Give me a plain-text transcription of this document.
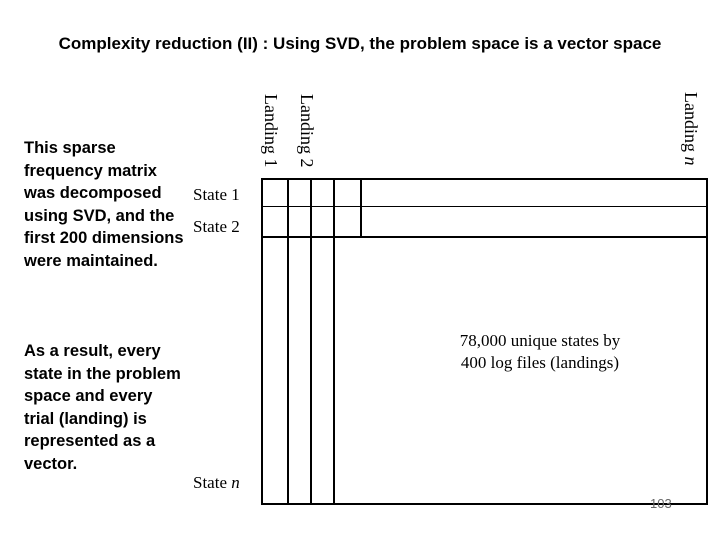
Complexity reduction (II) : Using SVD, the problem space is a vector space
This sparse frequency matrix was decomposed using SVD, and the first 200 dimensions were maintained.
As a result, every state in the problem space and every trial (landing) is represented as a vector.
Landing 1 Landing 2	Landing n
State 1
State 2
State n
78,000 unique states by
400 log files (landings)
103
